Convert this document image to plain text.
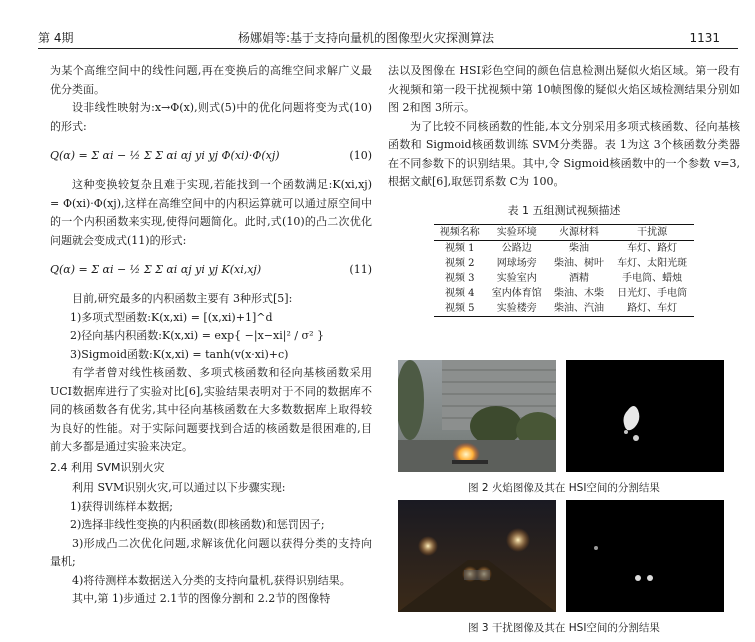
第 4期	杨娜娟等:基于支持向量机的图像型火灾探测算法	1131

为某个高维空间中的线性问题,再在变换后的高维空间求解广义最优分类面。

设非线性映射为:x→Φ(x),则式(5)中的优化问题将变为式(10)的形式:

Q(α) = Σ αi − ½ Σ Σ αi αj yi yj Φ(xi)·Φ(xj)	(10)

这种变换较复杂且难于实现,若能找到一个函数满足:K(xi,xj) = Φ(xi)·Φ(xj),这样在高维空间中的内积运算就可以通过原空间中的一个内积函数来实现,使得问题简化。此时,式(10)的凸二次优化问题就会变成式(11)的形式:

Q(α) = Σ αi − ½ Σ Σ αi αj yi yj K(xi,xj)	(11)

目前,研究最多的内积函数主要有 3种形式[5]:

1)多项式型函数:K(x,xi) = [(x,xi)+1]^d

2)径向基内积函数:K(x,xi) = exp{ −|x−xi|² / σ² }

3)Sigmoid函数:K(x,xi) = tanh(v(x·xi)+c)

有学者曾对线性核函数、多项式核函数和径向基核函数采用 UCI数据库进行了实验对比[6],实验结果表明对于不同的数据库不同的核函数各有优劣,其中径向基核函数在大多数数据库上取得较为良好的性能。对于实际问题要找到合适的核函数是很困难的,目前大多都是通过实验来决定。

2.4 利用 SVM识别火灾

利用 SVM识别火灾,可以通过以下步骤实现:

1)获得训练样本数据;

2)选择非线性变换的内积函数(即核函数)和惩罚因子;

3)形成凸二次优化问题,求解该优化问题以获得分类的支持向量机;

4)将待测样本数据送入分类的支持向量机,获得识别结果。

其中,第 1)步通过 2.1节的图像分割和 2.2节的图像特

法以及图像在 HSI彩色空间的颜色信息检测出疑似火焰区域。第一段有火视频和第一段干扰视频中第 10帧图像的疑似火焰区域检测结果分别如图 2和图 3所示。

为了比较不同核函数的性能,本文分别采用多项式核函数、径向基核函数和 Sigmoid核函数训练 SVM分类器。表 1为这 3个核函数分类器在不同参数下的识别结果。其中,令 Sigmoid核函数中的一个参数 v=3,根据文献[6],取惩罚系数 C为 100。

表 1 五组测试视频描述
视频名称	实验环境	火源材料	干扰源
视频 1	公路边	柴油	车灯、路灯
视频 2	网球场旁	柴油、树叶	车灯、太阳光斑
视频 3	实验室内	酒精	手电筒、蜡烛
视频 4	室内体育馆	柴油、木柴	日光灯、手电筒
视频 5	实验楼旁	柴油、汽油	路灯、车灯
图 2 火焰图像及其在 HSI空间的分割结果
图 3 干扰图像及其在 HSI空间的分割结果
